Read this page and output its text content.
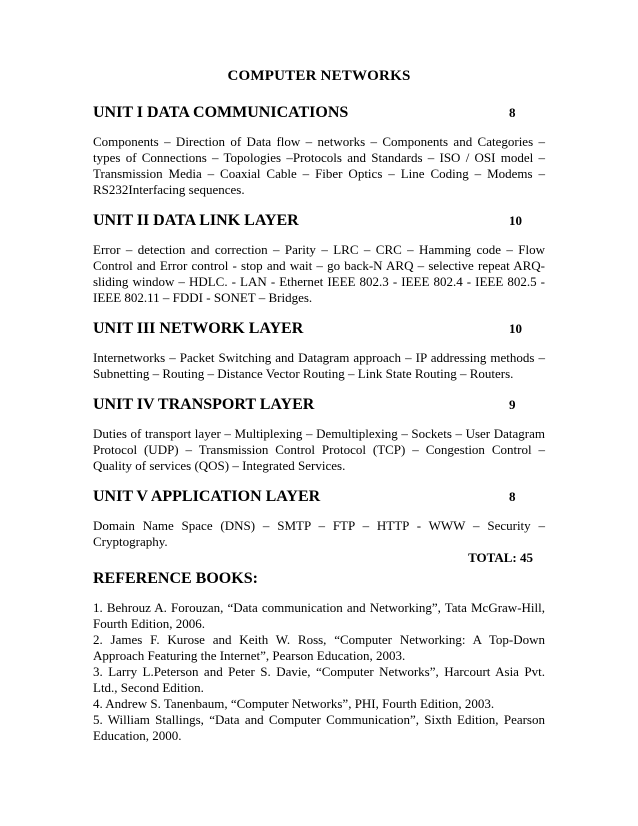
COMPUTER NETWORKS
UNIT I DATA COMMUNICATIONS	8
Components – Direction of Data flow – networks – Components and Categories – types of Connections – Topologies –Protocols and Standards – ISO / OSI model – Transmission Media – Coaxial Cable – Fiber Optics – Line Coding – Modems – RS232Interfacing sequences.
UNIT II DATA LINK LAYER	10
Error – detection and correction – Parity – LRC – CRC – Hamming code – Flow Control and Error control - stop and wait – go back-N ARQ – selective repeat ARQ- sliding window – HDLC. - LAN - Ethernet IEEE 802.3 - IEEE 802.4 - IEEE 802.5 - IEEE 802.11 – FDDI - SONET – Bridges.
UNIT III NETWORK LAYER	10
Internetworks – Packet Switching and Datagram approach – IP addressing methods – Subnetting – Routing – Distance Vector Routing – Link State Routing – Routers.
UNIT IV TRANSPORT LAYER	9
Duties of transport layer – Multiplexing – Demultiplexing – Sockets – User Datagram Protocol (UDP) – Transmission Control Protocol (TCP) – Congestion Control – Quality of services (QOS) – Integrated Services.
UNIT V APPLICATION LAYER	8
Domain Name Space (DNS) – SMTP – FTP – HTTP - WWW – Security – Cryptography.
TOTAL: 45
REFERENCE BOOKS:
1. Behrouz A. Forouzan, “Data communication and Networking”, Tata McGraw-Hill, Fourth Edition, 2006.
2. James F. Kurose and Keith W. Ross, “Computer Networking: A Top-Down Approach Featuring the Internet”, Pearson Education, 2003.
3. Larry L.Peterson and Peter S. Davie, “Computer Networks”, Harcourt Asia Pvt. Ltd., Second Edition.
4. Andrew S. Tanenbaum, “Computer Networks”, PHI, Fourth Edition, 2003.
5. William Stallings, “Data and Computer Communication”, Sixth Edition, Pearson Education, 2000.
